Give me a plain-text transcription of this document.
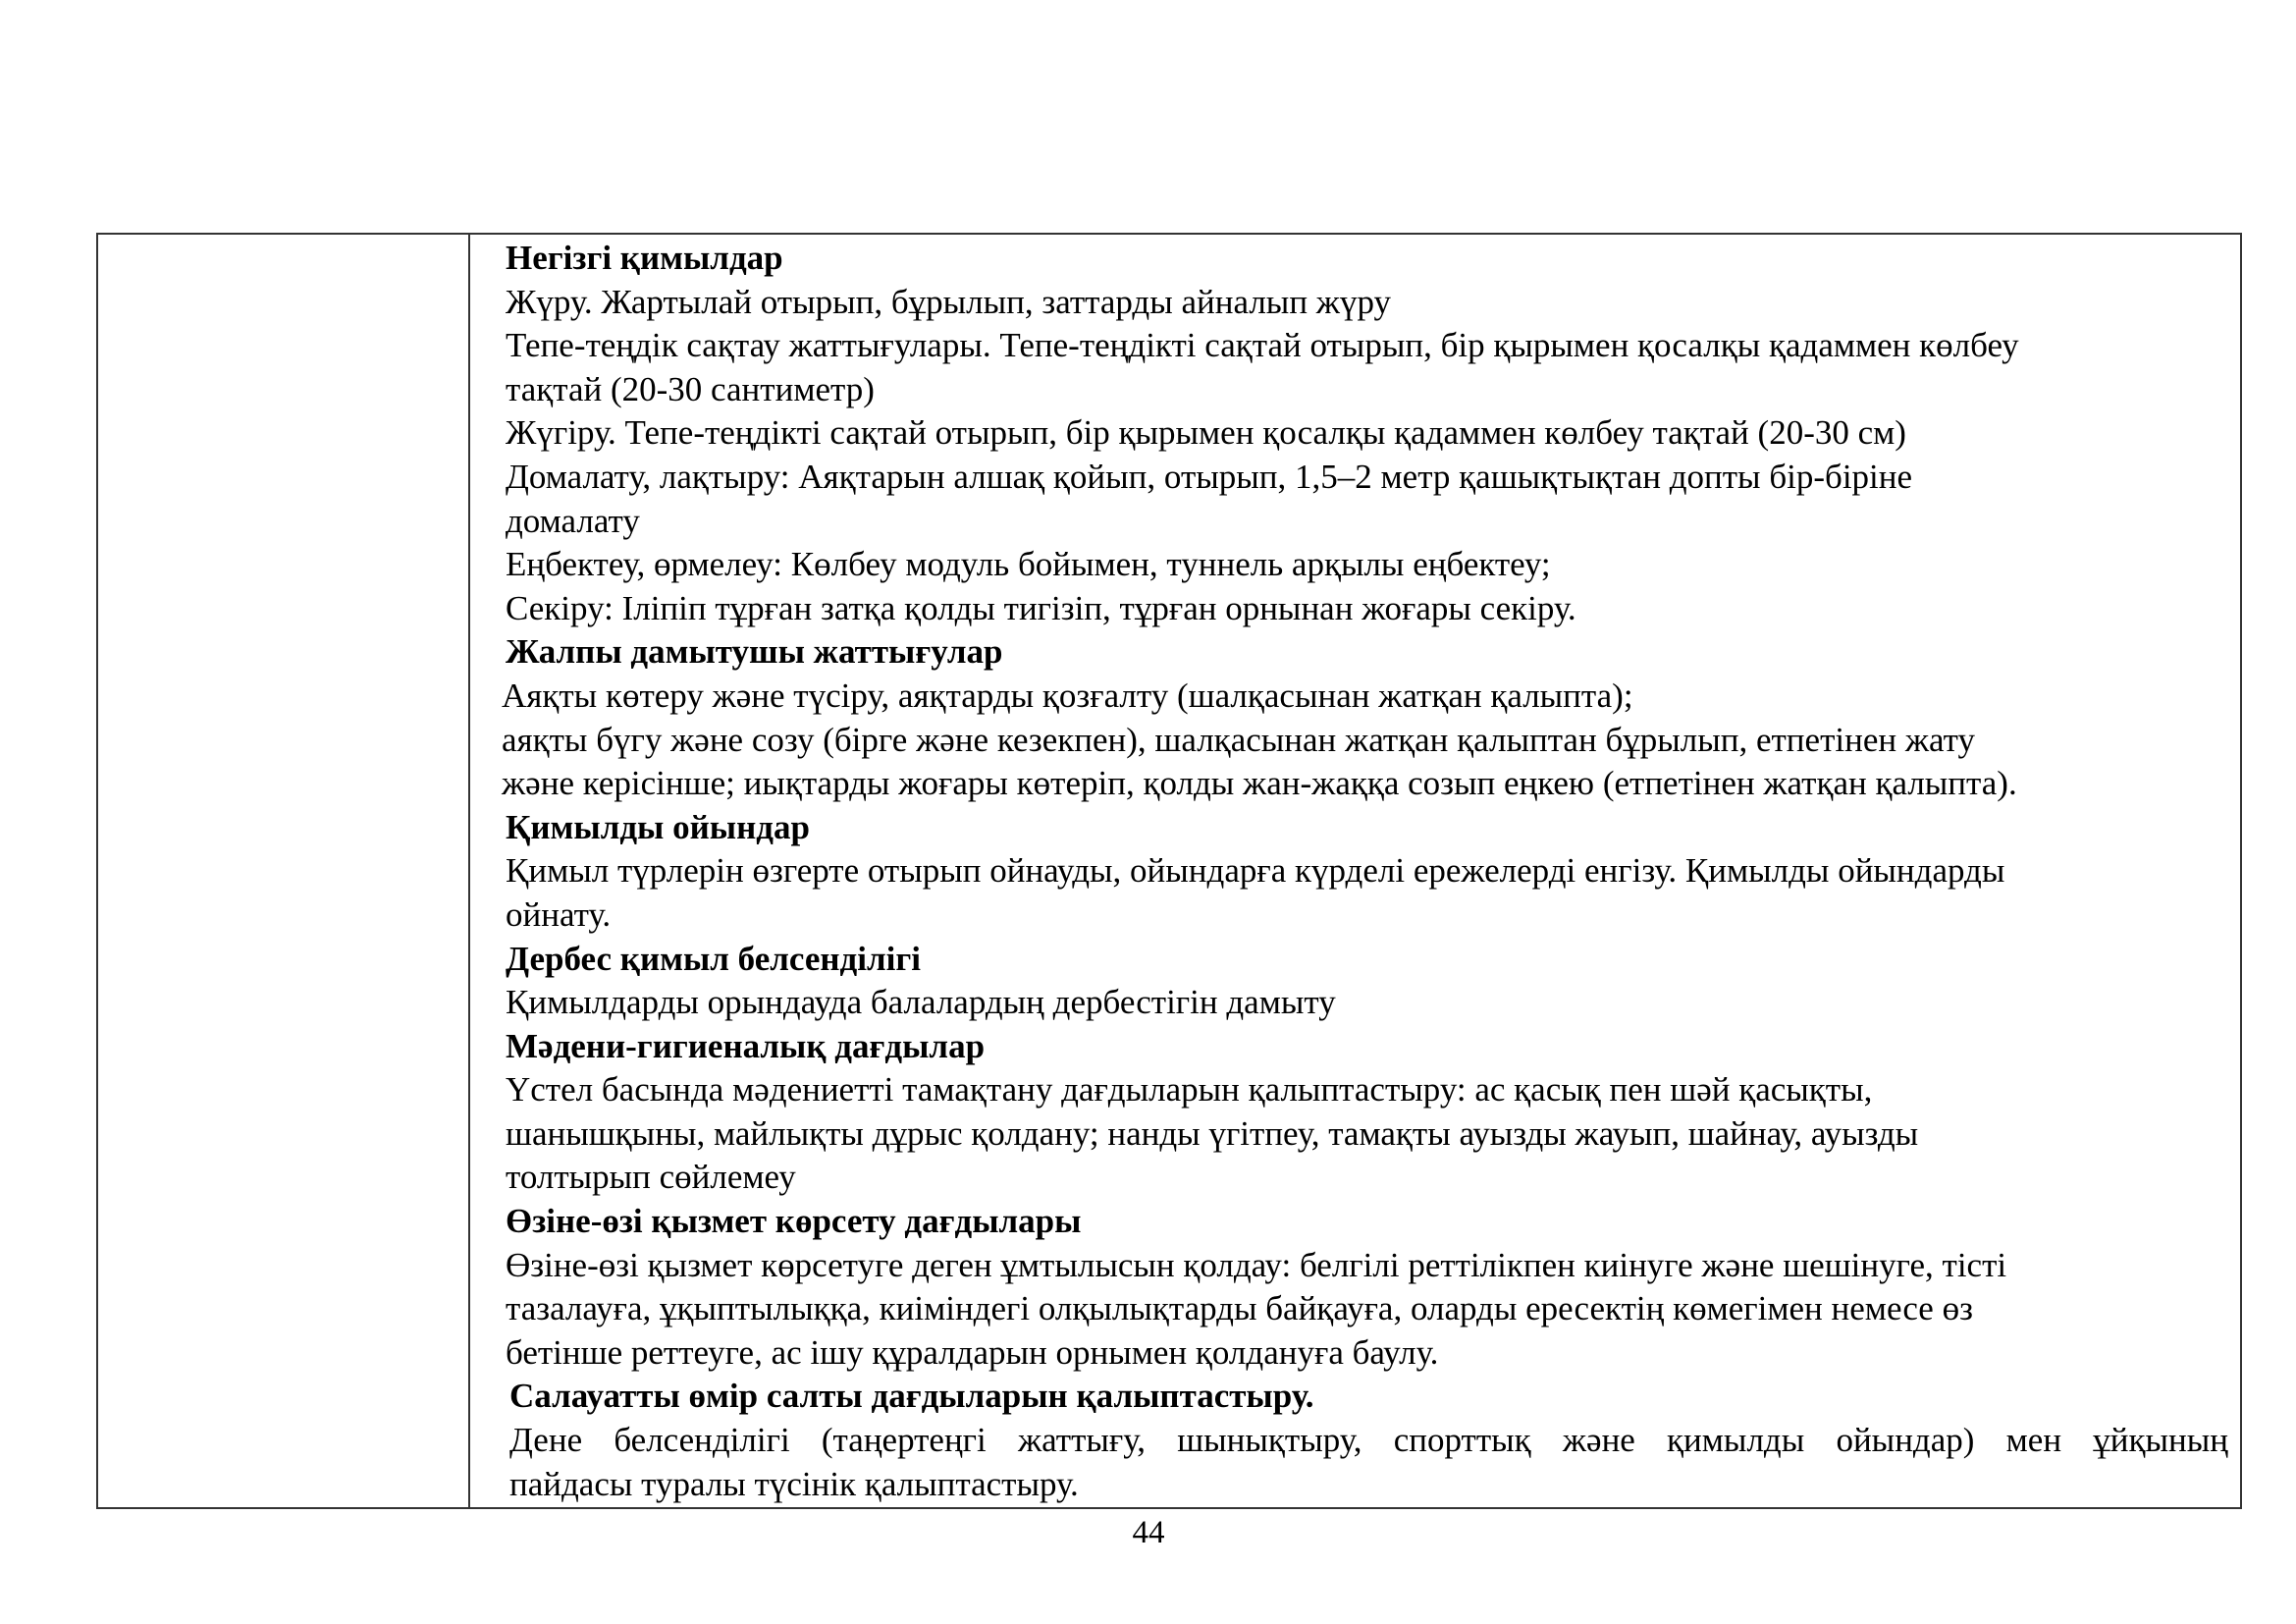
Негізгі қимылдар
Жүру. Жартылай отырып, бұрылып, заттарды айналып жүру
Тепе-теңдік сақтау жаттығулары. Тепе-теңдікті сақтай отырып, бір қырымен қосалқы қадаммен көлбеу
тақтай (20-30 сантиметр)
Жүгіру. Тепе-теңдікті сақтай отырып, бір қырымен қосалқы қадаммен көлбеу тақтай (20-30 см)
Домалату, лақтыру: Аяқтарын алшақ қойып, отырып, 1,5–2 метр қашықтықтан допты бір-біріне
домалату
Еңбектеу, өрмелеу: Көлбеу модуль бойымен, туннель арқылы еңбектеу;
Секіру: Іліпіп тұрған затқа қолды тигізіп, тұрған орнынан жоғары секіру.
Жалпы дамытушы жаттығулар
Аяқты көтеру және түсіру, аяқтарды қозғалту (шалқасынан жатқан қалыпта);
аяқты бүгу және созу (бірге және кезекпен), шалқасынан жатқан қалыптан бұрылып, етпетінен жату
және керісінше; иықтарды жоғары көтеріп, қолды жан-жаққа созып еңкею (етпетінен жатқан қалыпта).
Қимылды ойындар
Қимыл түрлерін өзгерте отырып ойнауды, ойындарға күрделі ережелерді енгізу. Қимылды ойындарды
ойнату.
Дербес қимыл белсенділігі
Қимылдарды орындауда балалардың дербестігін дамыту
Мәдени-гигиеналық дағдылар
Үстел басында мәдениетті тамақтану дағдыларын қалыптастыру: ас қасық пен шәй қасықты,
шанышқыны, майлықты дұрыс қолдану; нанды үгітпеу, тамақты ауызды жауып, шайнау, ауызды
толтырып сөйлемеу
Өзіне-өзі қызмет көрсету дағдылары
Өзіне-өзі қызмет көрсетуге деген ұмтылысын қолдау: белгілі реттілікпен киінуге және шешінуге, тісті
тазалауға, ұқыптылыққа, киіміндегі олқылықтарды байқауға, оларды ересектің көмегімен немесе өз
бетінше реттеуге, ас ішу құралдарын орнымен қолдануға баулу.
Салауатты өмір салты дағдыларын қалыптастыру.
Дене белсенділігі (таңертеңгі жаттығу, шынықтыру, спорттық және қимылды ойындар) мен ұйқының
пайдасы туралы түсінік қалыптастыру.
44
